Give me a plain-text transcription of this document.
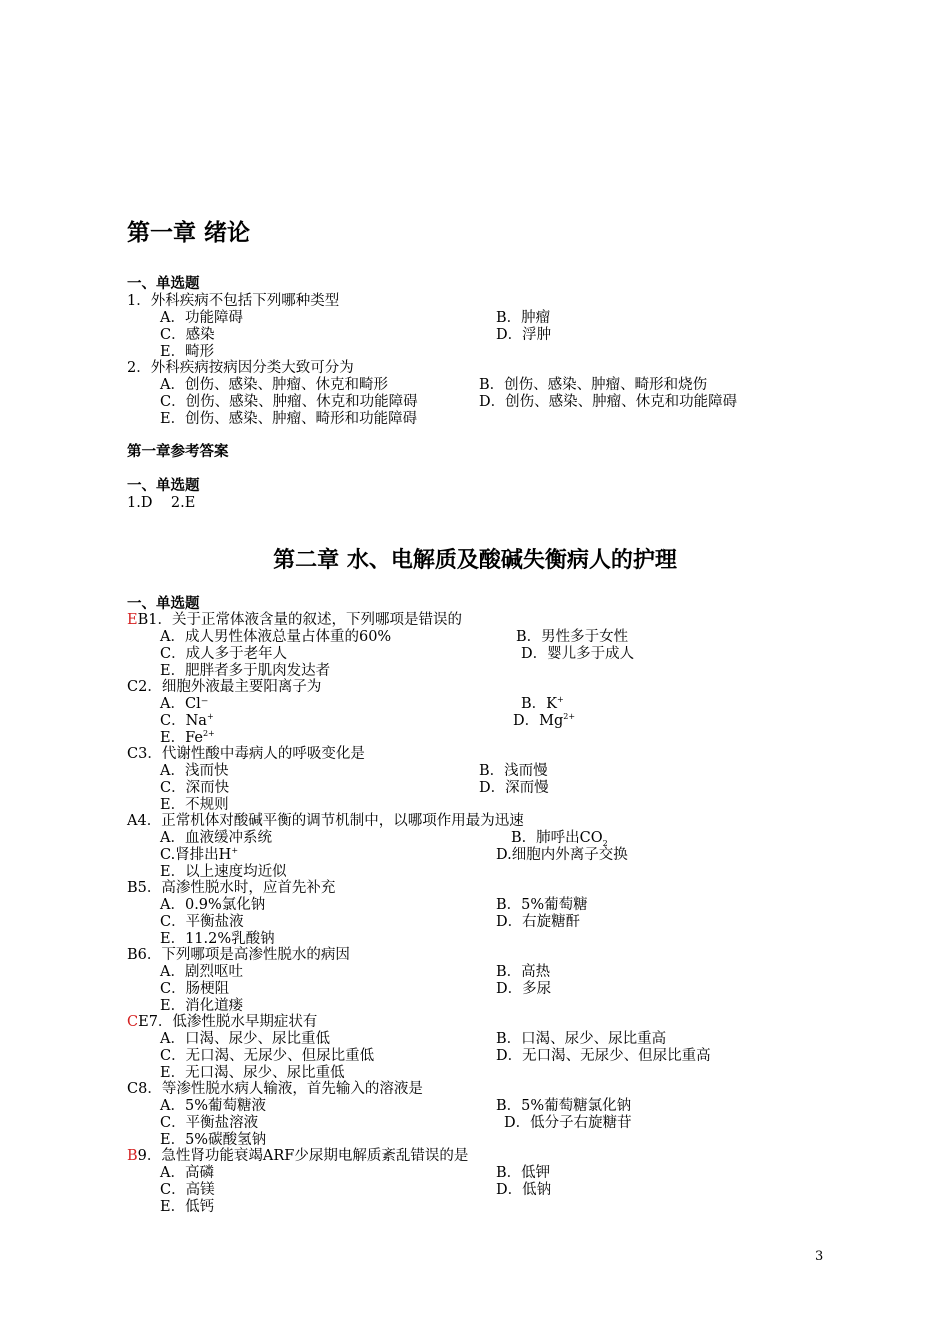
第一章 绪论
一、单选题
1．外科疾病不包括下列哪种类型
A．功能障碍	B．肿瘤
C．感染	D．浮肿
E．畸形
2．外科疾病按病因分类大致可分为
A．创伤、感染、肿瘤、休克和畸形	B．创伤、感染、肿瘤、畸形和烧伤
C．创伤、感染、肿瘤、休克和功能障碍	D．创伤、感染、肿瘤、休克和功能障碍
E．创伤、感染、肿瘤、畸形和功能障碍
第一章参考答案
一、单选题
1.D    2.E
第二章 水、电解质及酸碱失衡病人的护理
一、单选题
EB1．关于正常体液含量的叙述，下列哪项是错误的
A．成人男性体液总量占体重的60%	B．男性多于女性
C．成人多于老年人	D．婴儿多于成人
E．肥胖者多于肌肉发达者
C2．细胞外液最主要阳离子为
A．Cl⁻	B．K+
C．Na+	D．$Mg^{2+}$
E．$Fe^{2+}$
C3．代谢性酸中毒病人的呼吸变化是
A．浅而快	B．浅而慢
C．深而快	D．深而慢
E．不规则
A4．正常机体对酸碱平衡的调节机制中，以哪项作用最为迅速
A．血液缓冲系统	B．肺呼出$CO_2$
C.肾排出H+	D.细胞内外离子交换
E．以上速度均近似
B5．高渗性脱水时，应首先补充
A．0.9%氯化钠	B．5%葡萄糖
C．平衡盐液	D．右旋糖酐
E．11.2%乳酸钠
B6．下列哪项是高渗性脱水的病因
A．剧烈呕吐	B．高热
C．肠梗阻	D．多尿
E．消化道瘘
CE7．低渗性脱水早期症状有
A．口渴、尿少、尿比重低	B．口渴、尿少、尿比重高
C．无口渴、无尿少、但尿比重低	D．无口渴、无尿少、但尿比重高
E．无口渴、尿少、尿比重低
C8．等渗性脱水病人输液，首先输入的溶液是
A．5%葡萄糖液	B．5%葡萄糖氯化钠
C．平衡盐溶液	D．低分子右旋糖苷
E．5%碳酸氢钠
B9．急性肾功能衰竭ARF少尿期电解质紊乱错误的是
A．高磷	B．低钾
C．高镁	D．低钠
E．低钙
3
